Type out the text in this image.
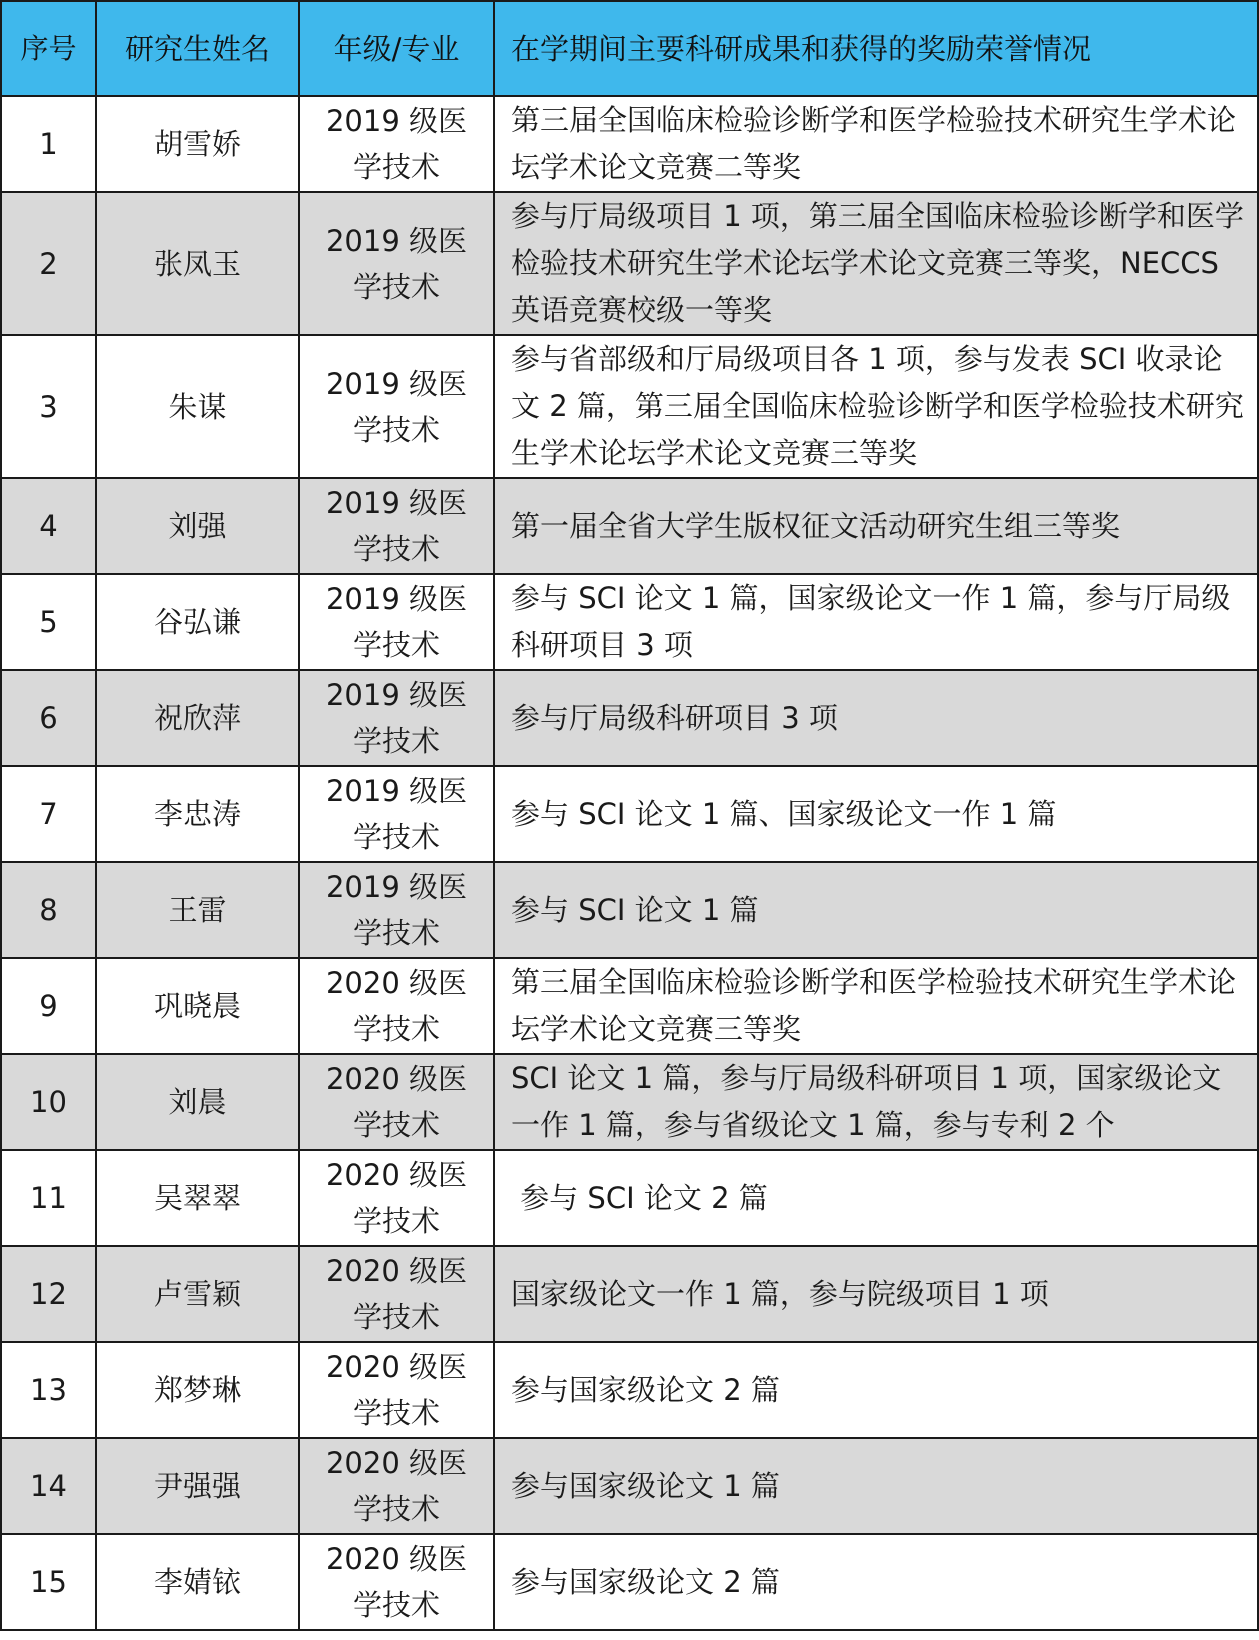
序号	研究生姓名	年级/专业	在学期间主要科研成果和获得的奖励荣誉情况
1	胡雪娇	2019 级医学技术	第三届全国临床检验诊断学和医学检验技术研究生学术论坛学术论文竞赛二等奖
2	张凤玉	2019 级医学技术	参与厅局级项目 1 项，第三届全国临床检验诊断学和医学检验技术研究生学术论坛学术论文竞赛三等奖，NECCS 英语竞赛校级一等奖
3	朱谋	2019 级医学技术	参与省部级和厅局级项目各 1 项，参与发表 SCI 收录论文 2 篇，第三届全国临床检验诊断学和医学检验技术研究生学术论坛学术论文竞赛三等奖
4	刘强	2019 级医学技术	第一届全省大学生版权征文活动研究生组三等奖
5	谷弘谦	2019 级医学技术	参与 SCI 论文 1 篇，国家级论文一作 1 篇，参与厅局级科研项目 3 项
6	祝欣萍	2019 级医学技术	参与厅局级科研项目 3 项
7	李忠涛	2019 级医学技术	参与 SCI 论文 1 篇、国家级论文一作 1 篇
8	王雷	2019 级医学技术	参与 SCI 论文 1 篇
9	巩晓晨	2020 级医学技术	第三届全国临床检验诊断学和医学检验技术研究生学术论坛学术论文竞赛三等奖
10	刘晨	2020 级医学技术	SCI 论文 1 篇，参与厅局级科研项目 1 项，国家级论文一作 1 篇，参与省级论文 1 篇，参与专利 2 个
11	吴翠翠	2020 级医学技术	参与 SCI 论文 2 篇
12	卢雪颖	2020 级医学技术	国家级论文一作 1 篇，参与院级项目 1 项
13	郑梦琳	2020 级医学技术	参与国家级论文 2 篇
14	尹强强	2020 级医学技术	参与国家级论文 1 篇
15	李婧铱	2020 级医学技术	参与国家级论文 2 篇
